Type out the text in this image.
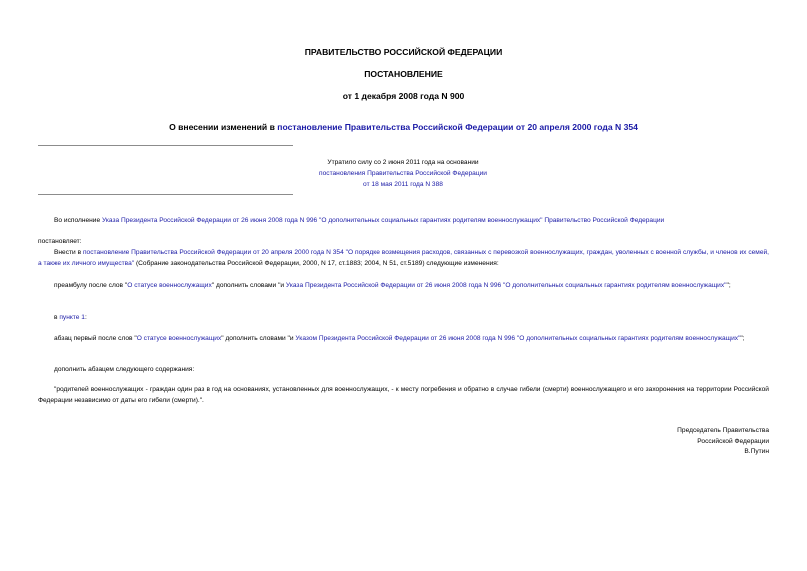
ПРАВИТЕЛЬСТВО РОССИЙСКОЙ ФЕДЕРАЦИИ

ПОСТАНОВЛЕНИЕ

от 1 декабря 2008 года N 900

О внесении изменений в постановление Правительства Российской Федерации от 20 апреля 2000 года N 354

Утратило силу со 2 июня 2011 года на основании
постановления Правительства Российской Федерации
от 18 мая 2011 года N 388

Во исполнение Указа Президента Российской Федерации от 26 июня 2008 года N 996 "О дополнительных социальных гарантиях родителям военнослужащих" Правительство Российской Федерации

постановляет:

Внести в постановление Правительства Российской Федерации от 20 апреля 2000 года N 354 "О порядке возмещения расходов, связанных с перевозкой военнослужащих, граждан, уволенных с военной службы, и членов их семей, а также их личного имущества" (Собрание законодательства Российской Федерации, 2000, N 17, ст.1883; 2004, N 51, ст.5189) следующие изменения:

преамбулу после слов "О статусе военнослужащих" дополнить словами "и Указа Президента Российской Федерации от 26 июня 2008 года N 996 "О дополнительных социальных гарантиях родителям военнослужащих"";

в пункте 1:

абзац первый после слов "О статусе военнослужащих" дополнить словами "и Указом Президента Российской Федерации от 26 июня 2008 года N 996 "О дополнительных социальных гарантиях родителям военнослужащих"";

дополнить абзацем следующего содержания:

"родителей военнослужащих - граждан один раз в год на основаниях, установленных для военнослужащих, - к месту погребения и обратно в случае гибели (смерти) военнослужащего и его захоронения на территории Российской Федерации независимо от даты его гибели (смерти).".

Председатель Правительства
Российской Федерации
В.Путин
